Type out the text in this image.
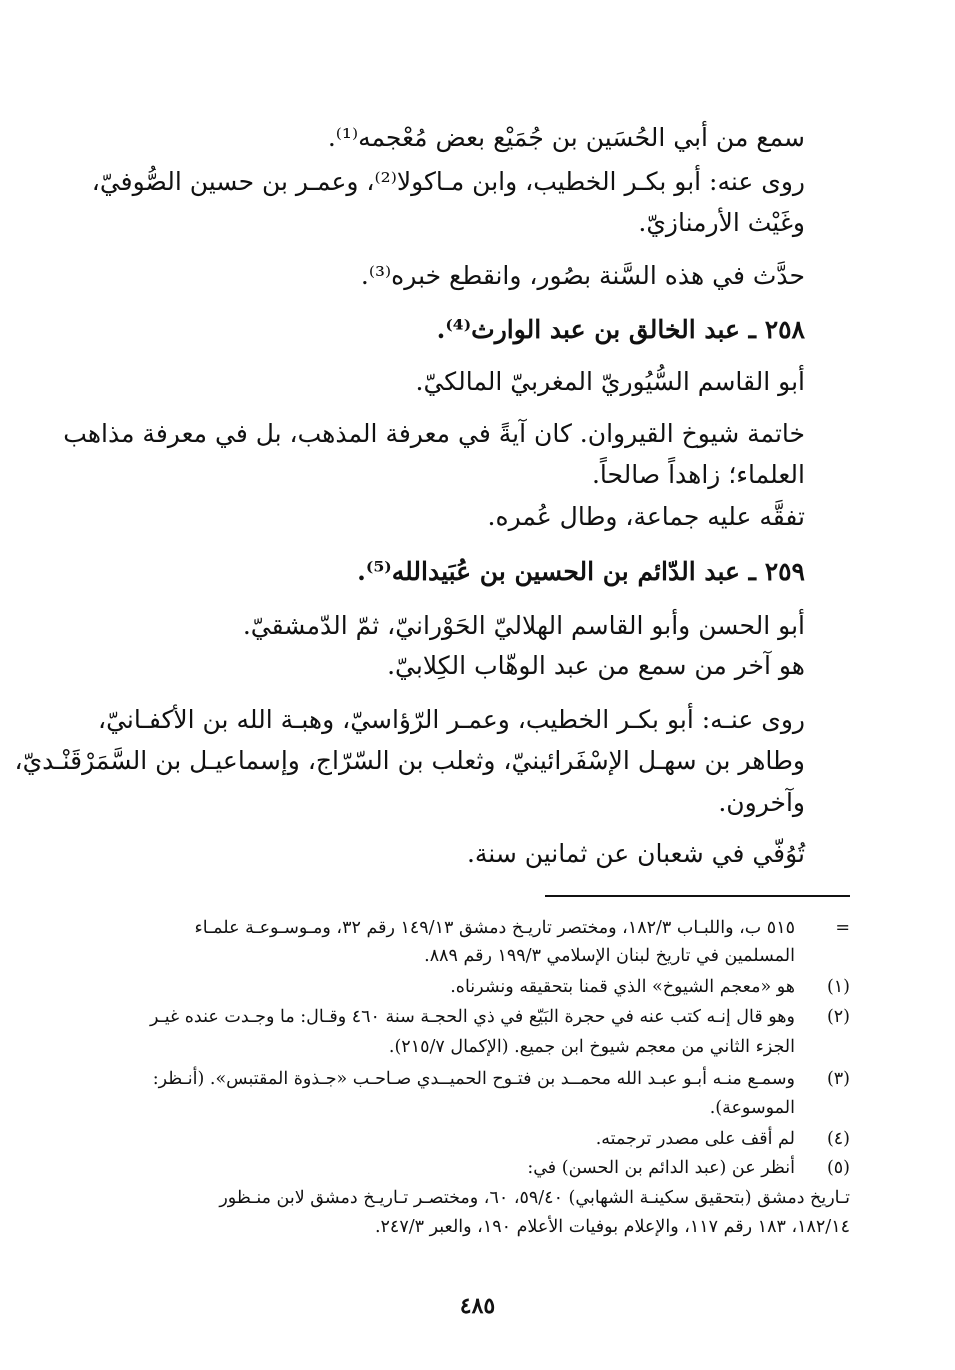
سمع من أبي الحُسَين بن جُمَيْع بعض مُعْجمه⁽¹⁾.
روى عنه: أبو بكـر الخطيب، وابن مـاكولا⁽²⁾، وعمـر بن حسين الصُّوفيّ،
وغَيْث الأرمنازيّ.
حدَّث في هذه السَّنة بصُور، وانقطع خبره⁽³⁾.
٢٥٨ ـ عبد الخالق بن عبد الوارث⁽⁴⁾.
أبو القاسم السُّيُوريّ المغربيّ المالكيّ.
خاتمة شيوخ القيروان. كان آيةً في معرفة المذهب، بل في معرفة مذاهب
العلماء؛ زاهداً صالحاً.
تفقَّه عليه جماعة، وطال عُمره.
٢٥٩ ـ عبد الدّائم بن الحسين بن عُبَيدالله⁽⁵⁾.
أبو الحسن وأبو القاسم الهلاليّ الحَوْرانيّ، ثمّ الدّمشقيّ.
هو آخر من سمع من عبد الوهّاب الكِلابيّ.
روى عنـه: أبو بكـر الخطيب، وعمـر الرّؤاسيّ، وهبـة الله بن الأكفـانيّ،
وطاهر بن سهـل الإسْفَرائينيّ، وثعلب بن السّرّاج، وإسماعيـل بن السَّمَرْقَنْـديّ،
وآخرون.
تُوُفّي في شعبان عن ثمانين سنة.
=
٥١٥ ب، واللبـاب ١٨٢/٣، ومختصر تاريـخ دمشق ١٤٩/١٣ رقم ٣٢، ومـوسـوعـة علمـاء
المسلمين في تاريخ لبنان الإسلامي ١٩٩/٣ رقم ٨٨٩.
(١)
هو «معجم الشيوخ» الذي قمنا بتحقيقه ونشرناه.
(٢)
وهو قال إنـه كتب عنه في حجرة البَيّع في ذي الحجـة سنة ٤٦٠ وقـال: ما وجـدت عنده غيـر
الجزء الثاني من معجم شيوخ ابن جميع. (الإكمال ٢١٥/٧).
(٣)
وسمـع منـه أبـو عبـد الله محمــد بن فتـوح الحميــدي صـاحـب «جـذوة المقتبس». (أنـظر:
الموسوعة).
(٤)
لم أقف على مصدر ترجمته.
(٥)
أنظر عن (عبد الدائم بن الحسن) في:
تـاريخ دمشق (بتحقيق سكينـة الشهابي) ٥٩/٤٠، ٦٠، ومختصـر تـاريـخ دمشق لابن منـظور
١٨٢/١٤، ١٨٣ رقم ١١٧، والإعلام بوفيات الأعلام ١٩٠، والعبر ٢٤٧/٣.
٤٨٥
